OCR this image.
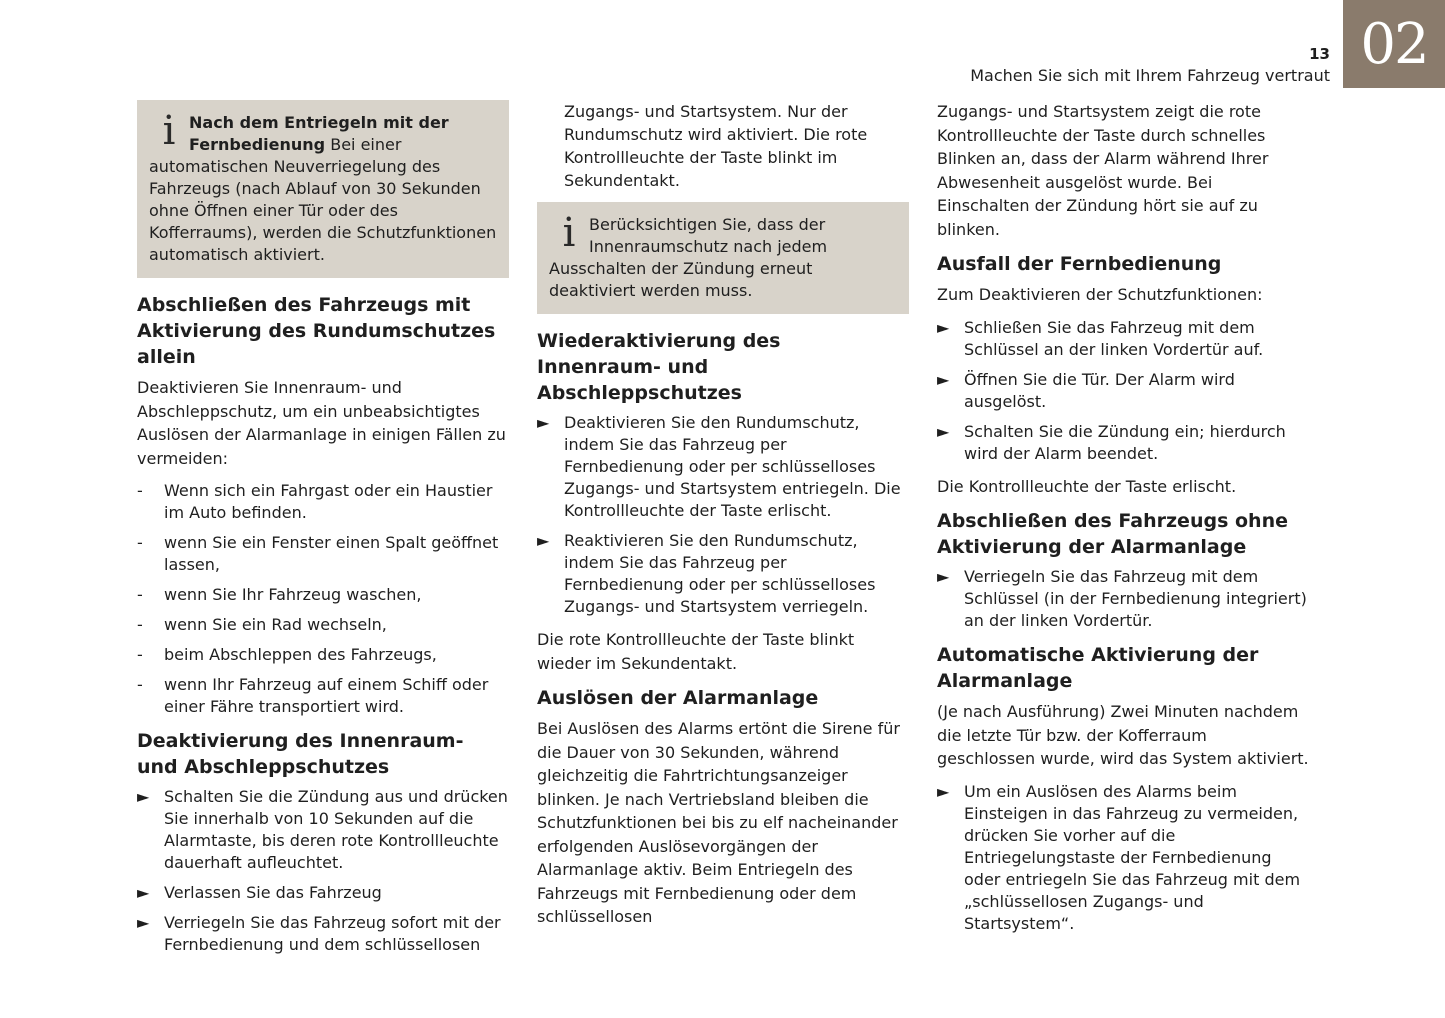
02
13
Machen Sie sich mit Ihrem Fahrzeug vertraut
i Nach dem Entriegeln mit der Fernbedienung Bei einer automatischen Neuverriegelung des Fahrzeugs (nach Ablauf von 30 Sekunden ohne Öffnen einer Tür oder des Kofferraums), werden die Schutzfunktionen automatisch aktiviert.
Abschließen des Fahrzeugs mit Aktivierung des Rundumschutzes allein

Deaktivieren Sie Innenraum- und Abschleppschutz, um ein unbeabsichtigtes Auslösen der Alarmanlage in einigen Fällen zu vermeiden:

- Wenn sich ein Fahrgast oder ein Haustier im Auto befinden.
- wenn Sie ein Fenster einen Spalt geöffnet lassen,
- wenn Sie Ihr Fahrzeug waschen,
- wenn Sie ein Rad wechseln,
- beim Abschleppen des Fahrzeugs,
- wenn Ihr Fahrzeug auf einem Schiff oder einer Fähre transportiert wird.
Deaktivierung des Innenraum- und Abschleppschutzes
► Schalten Sie die Zündung aus und drücken Sie innerhalb von 10 Sekunden auf die Alarmtaste, bis deren rote Kontrollleuchte dauerhaft aufleuchtet.
► Verlassen Sie das Fahrzeug
► Verriegeln Sie das Fahrzeug sofort mit der Fernbedienung und dem schlüssellosen

Zugangs- und Startsystem. Nur der Rundumschutz wird aktiviert. Die rote Kontrollleuchte der Taste blinkt im Sekundentakt.

i Berücksichtigen Sie, dass der Innenraumschutz nach jedem Ausschalten der Zündung erneut deaktiviert werden muss.
Wiederaktivierung des Innenraum- und Abschleppschutzes
► Deaktivieren Sie den Rundumschutz, indem Sie das Fahrzeug per Fernbedienung oder per schlüsselloses Zugangs- und Startsystem entriegeln. Die Kontrollleuchte der Taste erlischt.
► Reaktivieren Sie den Rundumschutz, indem Sie das Fahrzeug per Fernbedienung oder per schlüsselloses Zugangs- und Startsystem verriegeln.

Die rote Kontrollleuchte der Taste blinkt wieder im Sekundentakt.

Auslösen der Alarmanlage

Bei Auslösen des Alarms ertönt die Sirene für die Dauer von 30 Sekunden, während gleichzeitig die Fahrtrichtungsanzeiger blinken. Je nach Vertriebsland bleiben die Schutzfunktionen bei bis zu elf nacheinander erfolgenden Auslösevorgängen der Alarmanlage aktiv. Beim Entriegeln des Fahrzeugs mit Fernbedienung oder dem schlüssellosen

Zugangs- und Startsystem zeigt die rote Kontrollleuchte der Taste durch schnelles Blinken an, dass der Alarm während Ihrer Abwesenheit ausgelöst wurde. Bei Einschalten der Zündung hört sie auf zu blinken.

Ausfall der Fernbedienung

Zum Deaktivieren der Schutzfunktionen:

► Schließen Sie das Fahrzeug mit dem Schlüssel an der linken Vordertür auf.
► Öffnen Sie die Tür. Der Alarm wird ausgelöst.
► Schalten Sie die Zündung ein; hierdurch wird der Alarm beendet.

Die Kontrollleuchte der Taste erlischt.

Abschließen des Fahrzeugs ohne Aktivierung der Alarmanlage
► Verriegeln Sie das Fahrzeug mit dem Schlüssel (in der Fernbedienung integriert) an der linken Vordertür.
Automatische Aktivierung der Alarmanlage

(Je nach Ausführung) Zwei Minuten nachdem die letzte Tür bzw. der Kofferraum geschlossen wurde, wird das System aktiviert.

► Um ein Auslösen des Alarms beim Einsteigen in das Fahrzeug zu vermeiden, drücken Sie vorher auf die Entriegelungstaste der Fernbedienung oder entriegeln Sie das Fahrzeug mit dem „schlüssellosen Zugangs- und Startsystem“.
